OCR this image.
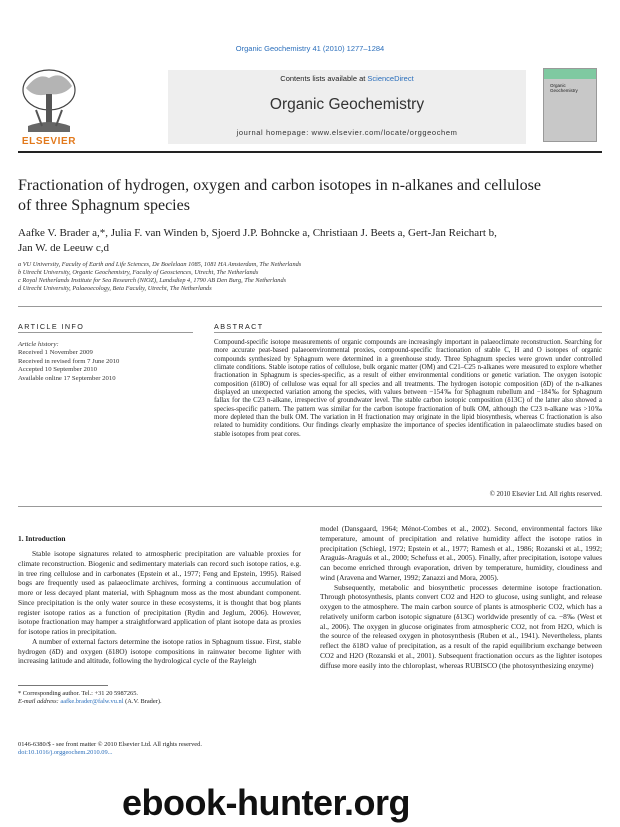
Organic Geochemistry 41 (2010) 1277–1284
Contents lists available at ScienceDirect
Organic Geochemistry
journal homepage: www.elsevier.com/locate/orggeochem
ELSEVIER
Organic Geochemistry
Fractionation of hydrogen, oxygen and carbon isotopes in n-alkanes and cellulose
of three Sphagnum species
Aafke V. Brader a,*, Julia F. van Winden b, Sjoerd J.P. Bohncke a, Christiaan J. Beets a, Gert-Jan Reichart b,
Jan W. de Leeuw c,d
a VU University, Faculty of Earth and Life Sciences, De Boelelaan 1085, 1081 HA Amsterdam, The Netherlands
b Utrecht University, Organic Geochemistry, Faculty of Geosciences, Utrecht, The Netherlands
c Royal Netherlands Institute for Sea Research (NIOZ), Landsdiep 4, 1790 AB Den Burg, The Netherlands
d Utrecht University, Palaeoecology, Beta Faculty, Utrecht, The Netherlands
ARTICLE INFO	ABSTRACT
Article history:
Received 1 November 2009
Received in revised form 7 June 2010
Accepted 10 September 2010
Available online 17 September 2010
Compound-specific isotope measurements of organic compounds are increasingly important in palaeoclimate reconstruction. Searching for more accurate peat-based palaeoenvironmental proxies, compound-specific fractionation of stable C, H and O isotopes of organic compounds synthesized by Sphagnum were determined in a greenhouse study. Three Sphagnum species were grown under controlled climate conditions. Stable isotope ratios of cellulose, bulk organic matter (OM) and C21–C25 n-alkanes were measured to explore whether fractionation in Sphagnum is species-specific, as a result of either environmental conditions or genetic variation. The oxygen isotopic composition (δ18O) of cellulose was equal for all species and all treatments. The hydrogen isotopic composition (δD) of the n-alkanes displayed an unexpected variation among the species, with values between −154‰ for Sphagnum rubellum and −184‰ for Sphagnum fallax for the C23 n-alkane, irrespective of groundwater level. The stable carbon isotopic composition (δ13C) of the latter also showed a species-specific pattern. The pattern was similar for the carbon isotope fractionation of bulk OM, although the C23 n-alkane was >10‰ more depleted than the bulk OM. The variation in H fractionation may originate in the lipid biosynthesis, whereas C fractionation is also related to humidity conditions. Our findings clearly emphasize the importance of species identification in palaeoclimate studies based on stable isotopes from peat cores.
© 2010 Elsevier Ltd. All rights reserved.
1. Introduction

Stable isotope signatures related to atmospheric precipitation are valuable proxies for climate reconstruction. Biogenic and sedimentary materials can record such isotope ratios, e.g. in tree ring cellulose and in carbonates (Epstein et al., 1977; Feng and Epstein, 1995). Raised bogs are frequently used as palaeoclimate archives, forming a continuous accumulation of more or less decayed plant material, with Sphagnum moss as the most abundant component. Since precipitation is the only water source in these ecosystems, it is thought that bog plants register isotope ratios as a function of precipitation (Rydin and Jeglum, 2006). However, isotope fractionation may hamper a straightforward application of plant isotope data as proxies for isotope ratios in precipitation.

A number of external factors determine the isotope ratios in Sphagnum tissue. First, stable hydrogen (δD) and oxygen (δ18O) isotope compositions in rainwater become lighter with increasing latitude and altitude, following the hydrological cycle of the Rayleigh

model (Dansgaard, 1964; Ménot-Combes et al., 2002). Second, environmental factors like temperature, amount of precipitation and relative humidity affect the isotope ratios in precipitation (Schiegl, 1972; Epstein et al., 1977; Ramesh et al., 1986; Rozanski et al., 1992; Araguás-Araguás et al., 2000; Schefuss et al., 2005). Finally, after precipitation, isotope values can become enriched through evaporation, driven by temperature, humidity, cloudiness and wind (Aravena and Warner, 1992; Zanazzi and Mora, 2005).

Subsequently, metabolic and biosynthetic processes determine isotope fractionation. Through photosynthesis, plants convert CO2 and H2O to glucose, using sunlight, and release oxygen to the atmosphere. The main carbon source of plants is atmospheric CO2, which has a relatively uniform carbon isotopic signature (δ13C) worldwide presently of ca. −8‰ (West et al., 2006). The oxygen in glucose originates from atmospheric CO2, not from H2O, which is the source of the released oxygen in photosynthesis (Ruben et al., 1941). Nevertheless, plants reflect the δ18O value of precipitation, as a result of the rapid equilibrium exchange between CO2 and H2O (Rozanski et al., 2001). Subsequent fractionation occurs as the lighter isotopes diffuse more easily into the chloroplast, whereas RUBISCO (the photosynthesizing enzyme)

* Corresponding author. Tel.: +31 20 5987265.
E-mail address: aafke.brader@falw.vu.nl (A.V. Brader).
0146-6380/$ - see front matter © 2010 Elsevier Ltd. All rights reserved.
doi:10.1016/j.orggeochem.2010.09...
ebook-hunter.org
